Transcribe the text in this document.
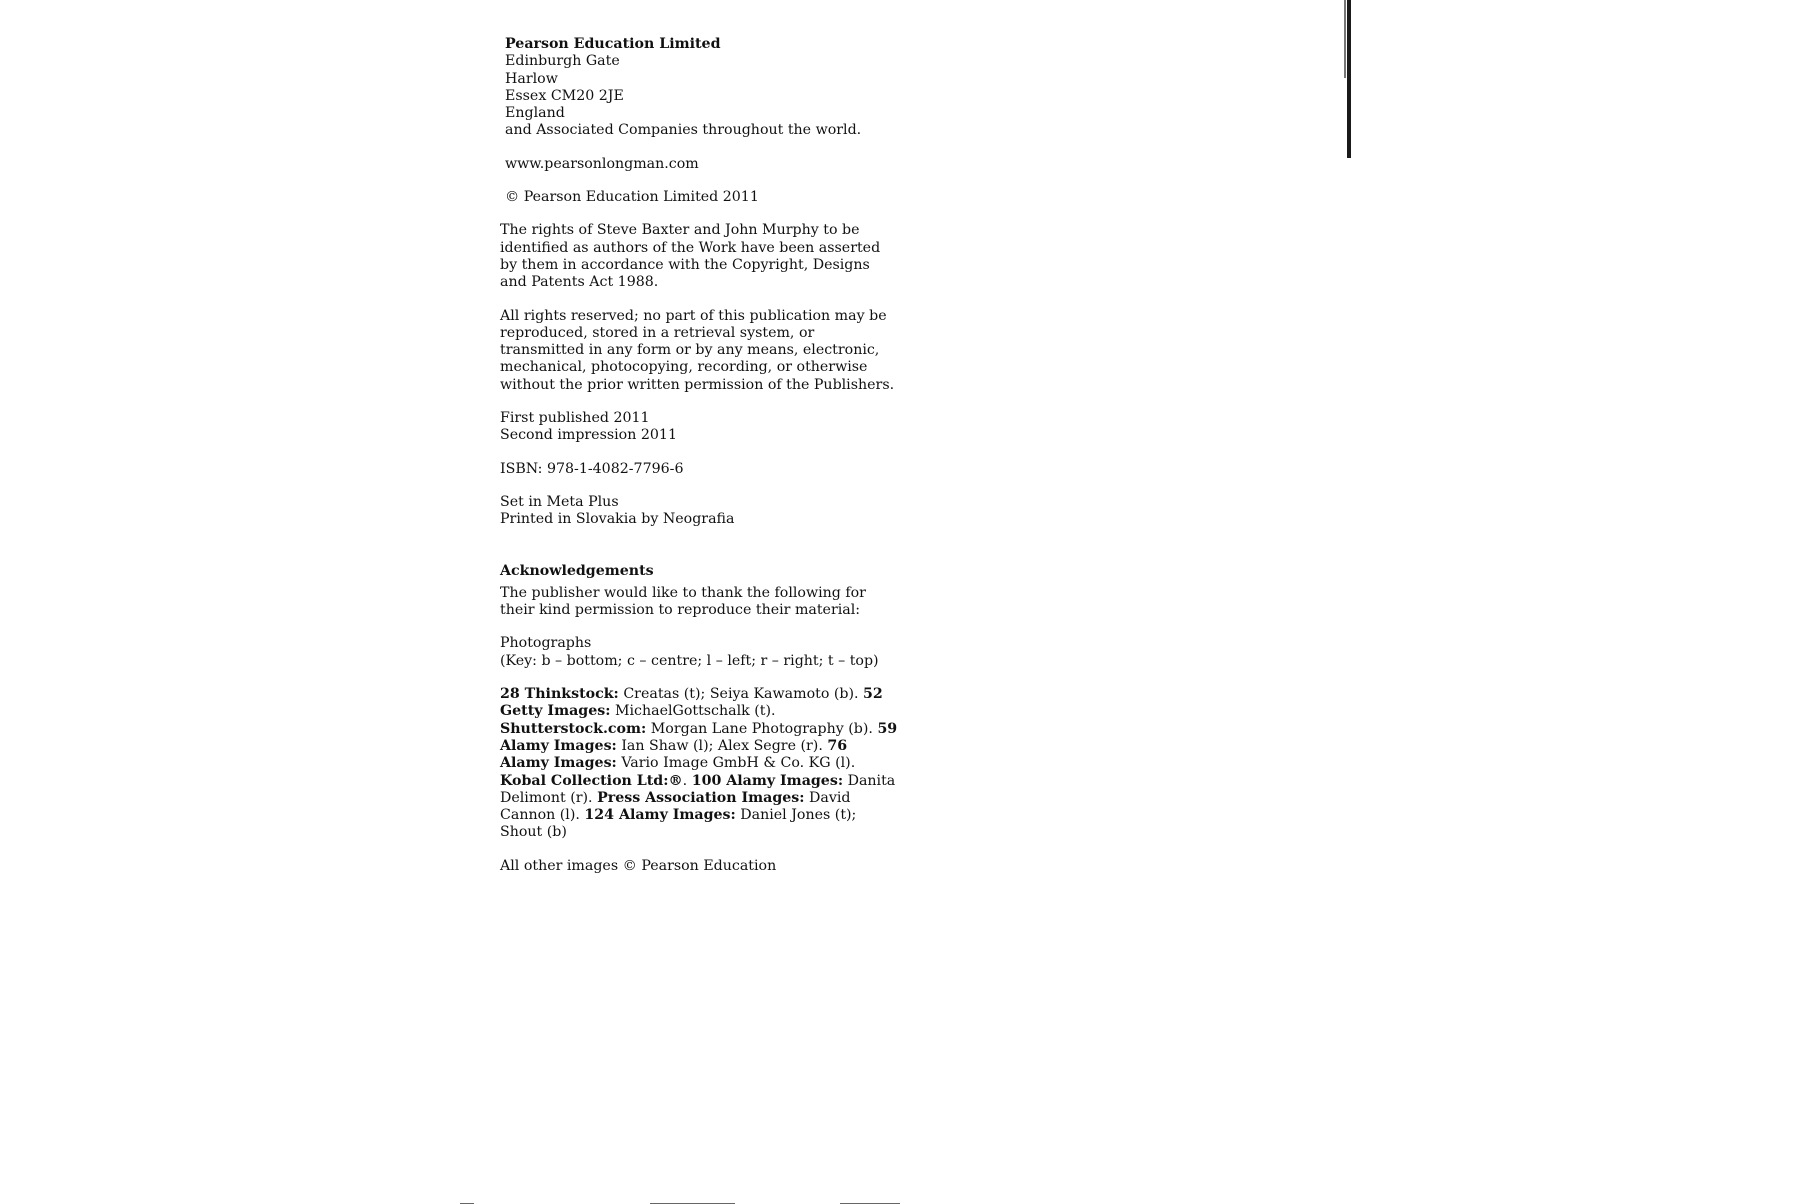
Pearson Education Limited

Edinburgh Gate

Harlow

Essex CM20 2JE

England

and Associated Companies throughout the world.

www.pearsonlongman.com

© Pearson Education Limited 2011

The rights of Steve Baxter and John Murphy to be identified as authors of the Work have been asserted by them in accordance with the Copyright, Designs and Patents Act 1988.

All rights reserved; no part of this publication may be reproduced, stored in a retrieval system, or transmitted in any form or by any means, electronic, mechanical, photocopying, recording, or otherwise without the prior written permission of the Publishers.

First published 2011

Second impression 2011

ISBN: 978-1-4082-7796-6

Set in Meta Plus

Printed in Slovakia by Neografia

Acknowledgements

The publisher would like to thank the following for their kind permission to reproduce their material:

Photographs

(Key: b – bottom; c – centre; l – left; r – right; t – top)

28 Thinkstock: Creatas (t); Seiya Kawamoto (b). 52 Getty Images: MichaelGottschalk (t). Shutterstock.com: Morgan Lane Photography (b). 59 Alamy Images: Ian Shaw (l); Alex Segre (r). 76 Alamy Images: Vario Image GmbH & Co. KG (l). Kobal Collection Ltd:®. 100 Alamy Images: Danita Delimont (r). Press Association Images: David Cannon (l). 124 Alamy Images: Daniel Jones (t); Shout (b)

All other images © Pearson Education
